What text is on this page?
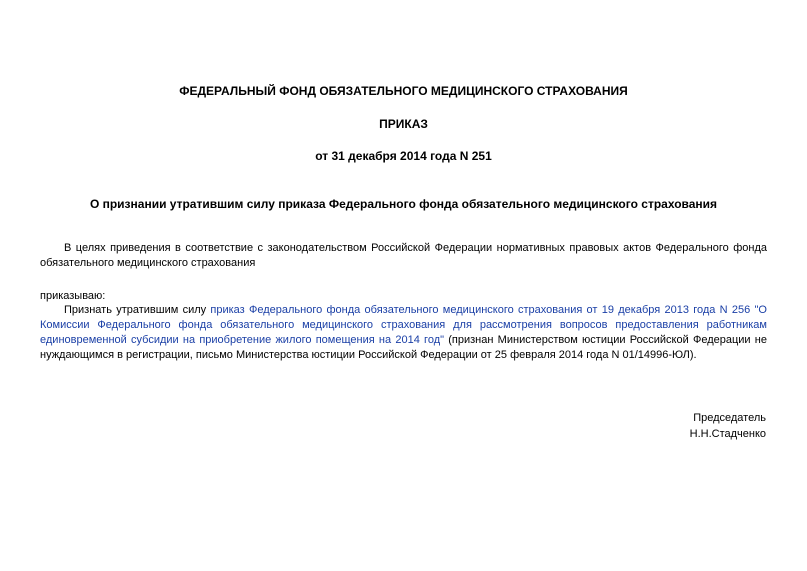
ФЕДЕРАЛЬНЫЙ ФОНД ОБЯЗАТЕЛЬНОГО МЕДИЦИНСКОГО СТРАХОВАНИЯ
ПРИКАЗ
от 31 декабря 2014 года N 251
О признании утратившим силу приказа Федерального фонда обязательного медицинского страхования
В целях приведения в соответствие с законодательством Российской Федерации нормативных правовых актов Федерального фонда обязательного медицинского страхования
приказываю:
Признать утратившим силу приказ Федерального фонда обязательного медицинского страхования от 19 декабря 2013 года N 256 "О Комиссии Федерального фонда обязательного медицинского страхования для рассмотрения вопросов предоставления работникам единовременной субсидии на приобретение жилого помещения на 2014 год" (признан Министерством юстиции Российской Федерации не нуждающимся в регистрации, письмо Министерства юстиции Российской Федерации от 25 февраля 2014 года N 01/14996-ЮЛ).
Председатель
Н.Н.Стадченко
